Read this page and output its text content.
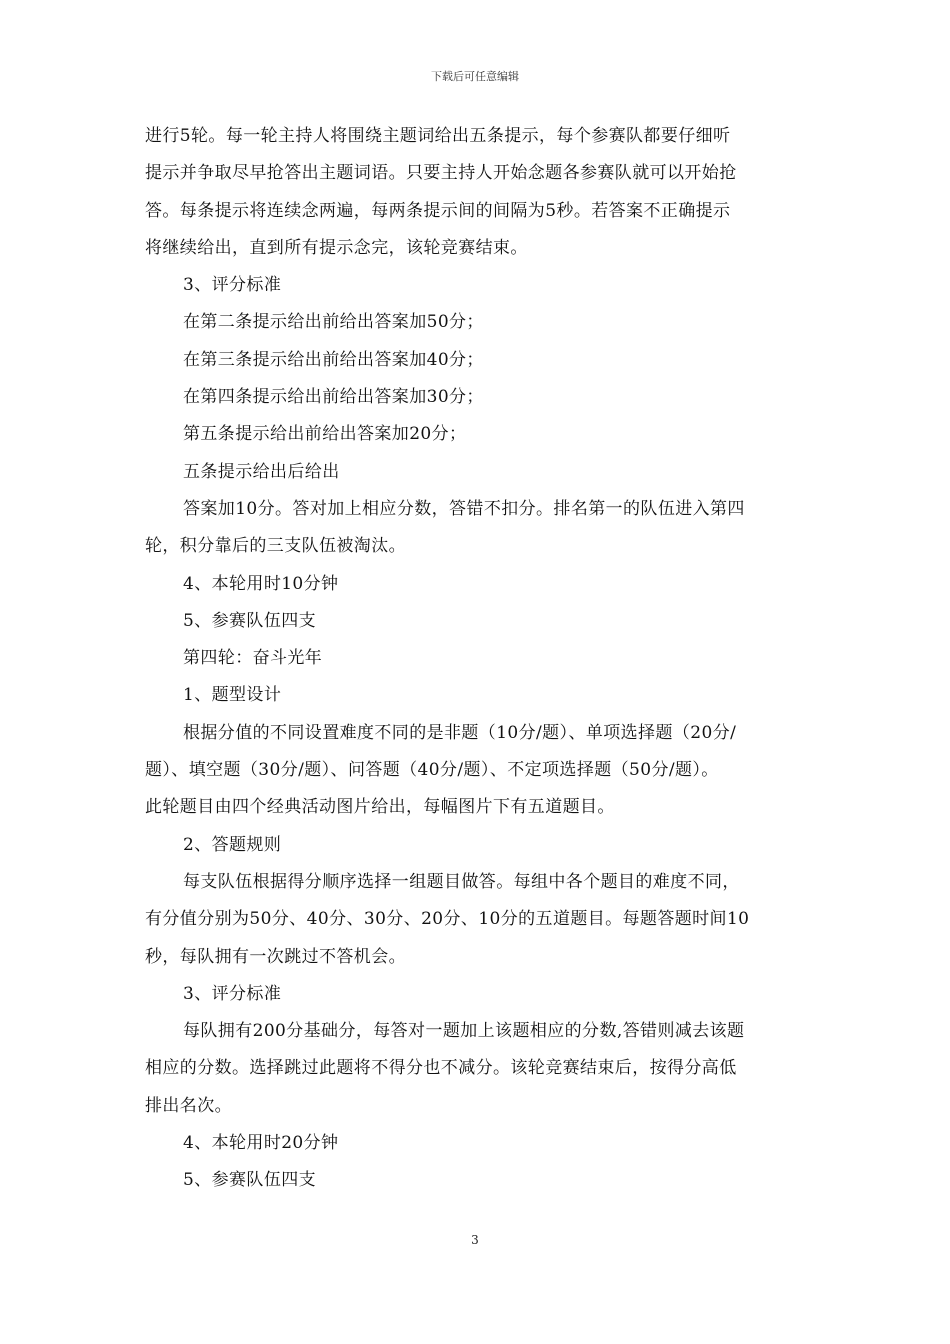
下载后可任意编辑
进行5轮。每一轮主持人将围绕主题词给出五条提示，每个参赛队都要仔细听
提示并争取尽早抢答出主题词语。只要主持人开始念题各参赛队就可以开始抢
答。每条提示将连续念两遍，每两条提示间的间隔为5秒。若答案不正确提示
将继续给出，直到所有提示念完，该轮竞赛结束。
3、评分标准
在第二条提示给出前给出答案加50分；
在第三条提示给出前给出答案加40分；
在第四条提示给出前给出答案加30分；
第五条提示给出前给出答案加20分；
五条提示给出后给出
答案加10分。答对加上相应分数，答错不扣分。排名第一的队伍进入第四
轮，积分靠后的三支队伍被淘汰。
4、本轮用时10分钟
5、参赛队伍四支
第四轮：奋斗光年
1、题型设计
根据分值的不同设置难度不同的是非题（10分/题）、单项选择题（20分/
题）、填空题（30分/题）、问答题（40分/题）、不定项选择题（50分/题）。
此轮题目由四个经典活动图片给出，每幅图片下有五道题目。
2、答题规则
每支队伍根据得分顺序选择一组题目做答。每组中各个题目的难度不同，
有分值分别为50分、40分、30分、20分、10分的五道题目。每题答题时间10
秒，每队拥有一次跳过不答机会。
3、评分标准
每队拥有200分基础分，每答对一题加上该题相应的分数,答错则减去该题
相应的分数。选择跳过此题将不得分也不减分。该轮竞赛结束后，按得分高低
排出名次。
4、本轮用时20分钟
5、参赛队伍四支
3
